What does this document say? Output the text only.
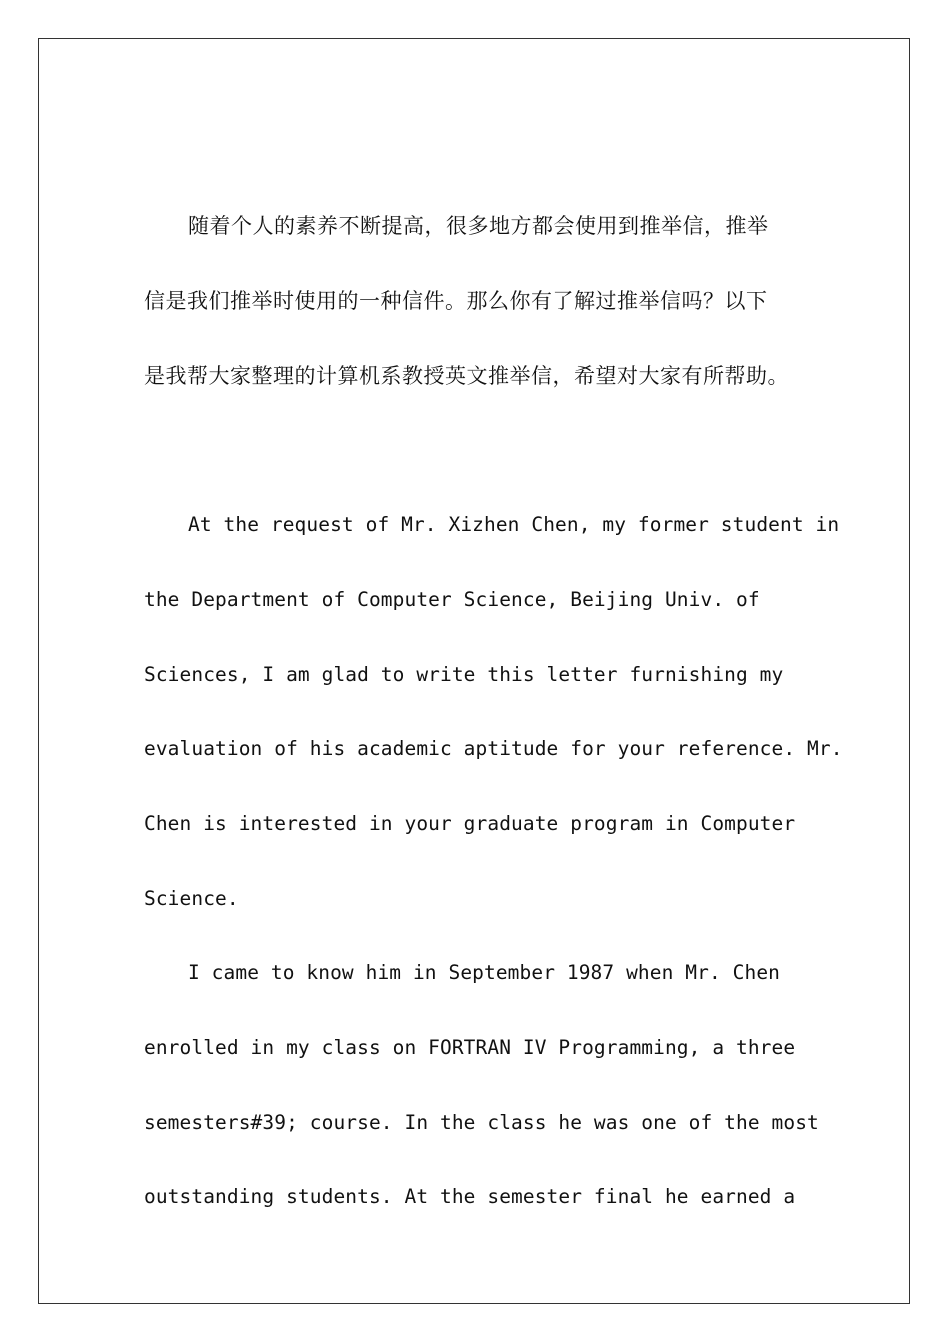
随着个人的素养不断提高，很多地方都会使用到推举信，推举
信是我们推举时使用的一种信件。那么你有了解过推举信吗？以下
是我帮大家整理的计算机系教授英文推举信，希望对大家有所帮助。
At the request of Mr. Xizhen Chen, my former student in
the Department of Computer Science, Beijing Univ. of
Sciences, I am glad to write this letter furnishing my
evaluation of his academic aptitude for your reference. Mr.
Chen is interested in your graduate program in Computer
Science.
I came to know him in September 1987 when Mr. Chen
enrolled in my class on FORTRAN IV Programming, a three
semesters#39; course. In the class he was one of the most
outstanding students. At the semester final he earned a
